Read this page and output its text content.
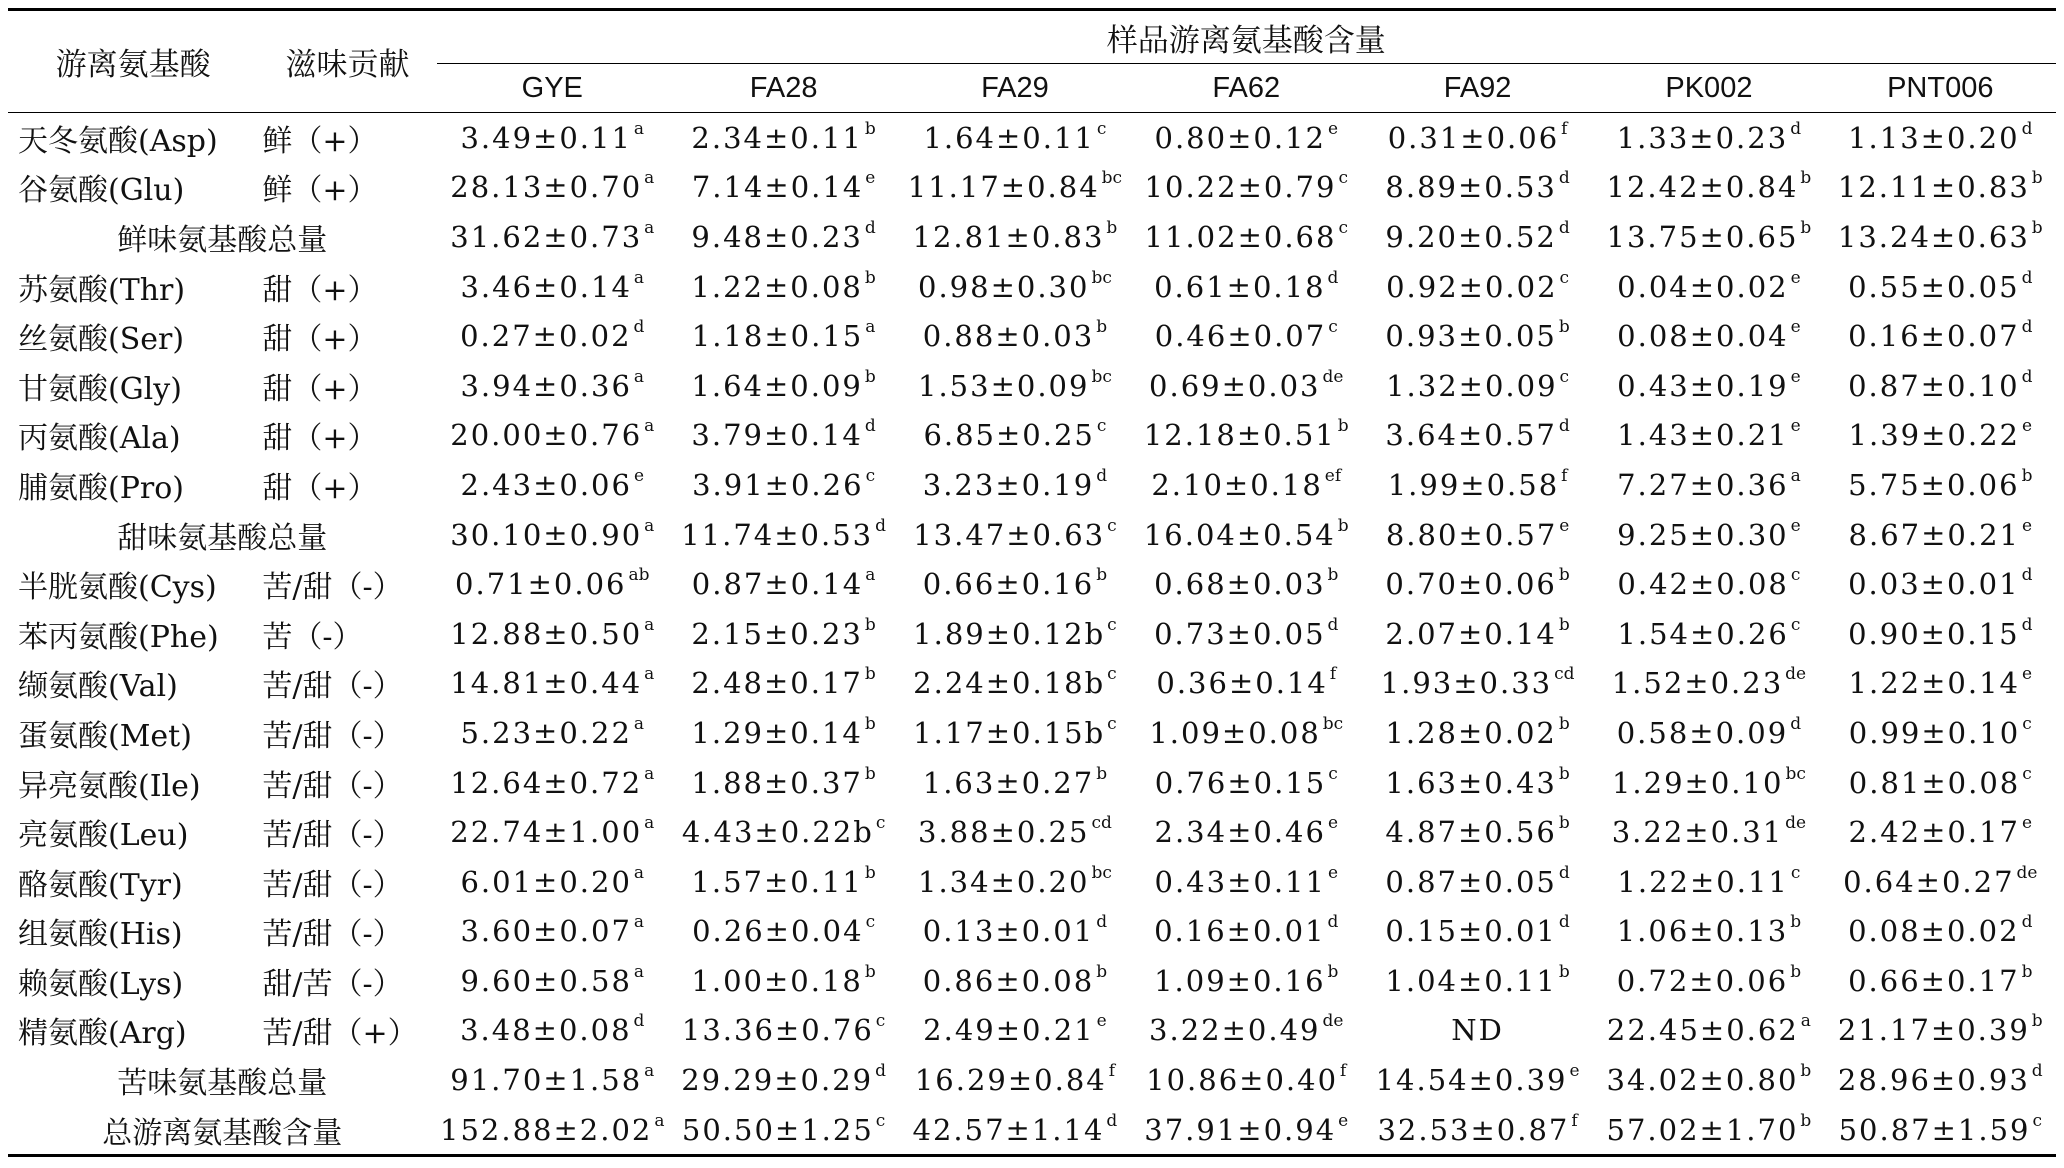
游离氨基酸	滋味贡献	样品游离氨基酸含量						
		GYE	FA28	FA29	FA62	FA92	PK002	PNT006
天冬氨酸(Asp)	鲜（+）	3.49±0.11 $^a$	2.34±0.11 $^b$	1.64±0.11 $^c$	0.80±0.12 $^e$	0.31±0.06 $^f$	1.33±0.23 $^d$	1.13±0.20 $^d$
谷氨酸(Glu)	鲜（+）	28.13±0.70 $^a$	7.14±0.14 $^e$	11.17±0.84 $^{bc}$	10.22±0.79 $^c$	8.89±0.53 $^d$	12.42±0.84 $^b$	12.11±0.83 $^b$
鲜味氨基酸总量		31.62±0.73 $^a$	9.48±0.23 $^d$	12.81±0.83 $^b$	11.02±0.68 $^c$	9.20±0.52 $^d$	13.75±0.65 $^b$	13.24±0.63 $^b$
苏氨酸(Thr)	甜（+）	3.46±0.14 $^a$	1.22±0.08 $^b$	0.98±0.30 $^{bc}$	0.61±0.18 $^d$	0.92±0.02 $^c$	0.04±0.02 $^e$	0.55±0.05 $^d$
丝氨酸(Ser)	甜（+）	0.27±0.02 $^d$	1.18±0.15 $^a$	0.88±0.03 $^b$	0.46±0.07 $^c$	0.93±0.05 $^b$	0.08±0.04 $^e$	0.16±0.07 $^d$
甘氨酸(Gly)	甜（+）	3.94±0.36 $^a$	1.64±0.09 $^b$	1.53±0.09 $^{bc}$	0.69±0.03 $^{de}$	1.32±0.09 $^c$	0.43±0.19 $^e$	0.87±0.10 $^d$
丙氨酸(Ala)	甜（+）	20.00±0.76 $^a$	3.79±0.14 $^d$	6.85±0.25 $^c$	12.18±0.51 $^b$	3.64±0.57 $^d$	1.43±0.21 $^e$	1.39±0.22 $^e$
脯氨酸(Pro)	甜（+）	2.43±0.06 $^e$	3.91±0.26 $^c$	3.23±0.19 $^d$	2.10±0.18 $^{ef}$	1.99±0.58 $^f$	7.27±0.36 $^a$	5.75±0.06 $^b$
甜味氨基酸总量		30.10±0.90 $^a$	11.74±0.53 $^d$	13.47±0.63 $^c$	16.04±0.54 $^b$	8.80±0.57 $^e$	9.25±0.30 $^e$	8.67±0.21 $^e$
半胱氨酸(Cys)	苦/甜（-）	0.71±0.06 $^{ab}$	0.87±0.14 $^a$	0.66±0.16 $^b$	0.68±0.03 $^b$	0.70±0.06 $^b$	0.42±0.08 $^c$	0.03±0.01 $^d$
苯丙氨酸(Phe)	苦（-）	12.88±0.50 $^a$	2.15±0.23 $^b$	1.89±0.12b $^c$	0.73±0.05 $^d$	2.07±0.14 $^b$	1.54±0.26 $^c$	0.90±0.15 $^d$
缬氨酸(Val)	苦/甜（-）	14.81±0.44 $^a$	2.48±0.17 $^b$	2.24±0.18b $^c$	0.36±0.14 $^f$	1.93±0.33 $^{cd}$	1.52±0.23 $^{de}$	1.22±0.14 $^e$
蛋氨酸(Met)	苦/甜（-）	5.23±0.22 $^a$	1.29±0.14 $^b$	1.17±0.15b $^c$	1.09±0.08 $^{bc}$	1.28±0.02 $^b$	0.58±0.09 $^d$	0.99±0.10 $^c$
异亮氨酸(Ile)	苦/甜（-）	12.64±0.72 $^a$	1.88±0.37 $^b$	1.63±0.27 $^b$	0.76±0.15 $^c$	1.63±0.43 $^b$	1.29±0.10 $^{bc}$	0.81±0.08 $^c$
亮氨酸(Leu)	苦/甜（-）	22.74±1.00 $^a$	4.43±0.22b $^c$	3.88±0.25 $^{cd}$	2.34±0.46 $^e$	4.87±0.56 $^b$	3.22±0.31 $^{de}$	2.42±0.17 $^e$
酪氨酸(Tyr)	苦/甜（-）	6.01±0.20 $^a$	1.57±0.11 $^b$	1.34±0.20 $^{bc}$	0.43±0.11 $^e$	0.87±0.05 $^d$	1.22±0.11 $^c$	0.64±0.27 $^{de}$
组氨酸(His)	苦/甜（-）	3.60±0.07 $^a$	0.26±0.04 $^c$	0.13±0.01 $^d$	0.16±0.01 $^d$	0.15±0.01 $^d$	1.06±0.13 $^b$	0.08±0.02 $^d$
赖氨酸(Lys)	甜/苦（-）	9.60±0.58 $^a$	1.00±0.18 $^b$	0.86±0.08 $^b$	1.09±0.16 $^b$	1.04±0.11 $^b$	0.72±0.06 $^b$	0.66±0.17 $^b$
精氨酸(Arg)	苦/甜（+）	3.48±0.08 $^d$	13.36±0.76 $^c$	2.49±0.21 $^e$	3.22±0.49 $^{de}$	ND	22.45±0.62 $^a$	21.17±0.39 $^b$
苦味氨基酸总量		91.70±1.58 $^a$	29.29±0.29 $^d$	16.29±0.84 $^f$	10.86±0.40 $^f$	14.54±0.39 $^e$	34.02±0.80 $^b$	28.96±0.93 $^d$
总游离氨基酸含量		152.88±2.02 $^a$	50.50±1.25 $^c$	42.57±1.14 $^d$	37.91±0.94 $^e$	32.53±0.87 $^f$	57.02±1.70 $^b$	50.87±1.59 $^c$
